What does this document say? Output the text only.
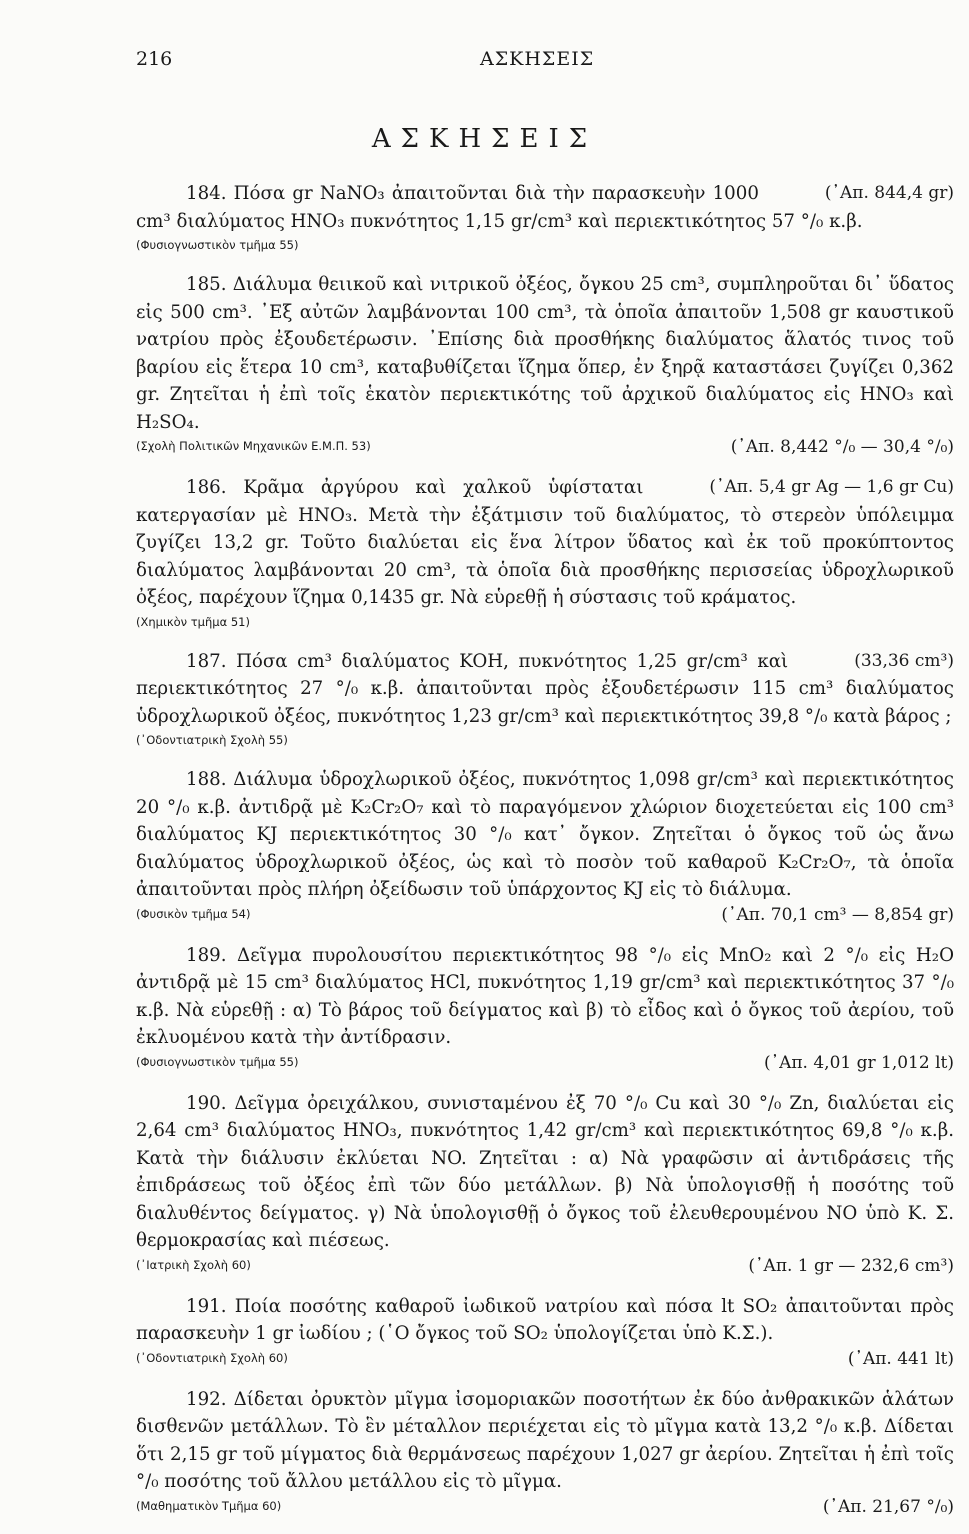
216	ΑΣΚΗΣΕΙΣ
ΑΣΚΗΣΕΙΣ

(᾿Απ. 844,4 gr)
184. Πόσα gr NaNO₃ ἀπαιτοῦνται διὰ τὴν παρασκευὴν 1000 cm³ διαλύματος HNO₃ πυκνότητος 1,15 gr/cm³ καὶ περιεκτικότητος 57 °/₀ κ.β.

(Φυσιογνωστικὸν τμῆμα 55)

185. Διάλυμα θειικοῦ καὶ νιτρικοῦ ὀξέος, ὄγκου 25 cm³, συμπληροῦται δι᾽ ὕδατος εἰς 500 cm³. ᾿Εξ αὐτῶν λαμβάνονται 100 cm³, τὰ ὁποῖα ἀπαιτοῦν 1,508 gr καυστικοῦ νατρίου πρὸς ἐξουδετέρωσιν. ᾿Επίσης διὰ προσθήκης διαλύματος ἅλατός τινος τοῦ βαρίου εἰς ἕτερα 10 cm³, καταβυθίζεται ἵζημα ὅπερ, ἐν ξηρᾷ καταστάσει ζυγίζει 0,362 gr. Ζητεῖται ἡ ἐπὶ τοῖς ἑκατὸν περιεκτικότης τοῦ ἀρχικοῦ διαλύματος εἰς HNO₃ καὶ H₂SO₄.

(Σχολὴ Πολιτικῶν Μηχανικῶν Ε.Μ.Π. 53)	(᾿Απ. 8,442 °/₀ — 30,4 °/₀)

(᾿Απ. 5,4 gr Ag — 1,6 gr Cu)
186. Κρᾶμα ἀργύρου καὶ χαλκοῦ ὑφίσταται κατεργασίαν μὲ HNO₃. Μετὰ τὴν ἐξάτμισιν τοῦ διαλύματος, τὸ στερεὸν ὑπόλειμμα ζυγίζει 13,2 gr. Τοῦτο διαλύεται εἰς ἕνα λίτρον ὕδατος καὶ ἐκ τοῦ προκύπτοντος διαλύματος λαμβάνονται 20 cm³, τὰ ὁποῖα διὰ προσθήκης περισσείας ὑδροχλωρικοῦ ὀξέος, παρέχουν ἵζημα 0,1435 gr. Νὰ εὑρεθῇ ἡ σύστασις τοῦ κράματος.

(Χημικὸν τμῆμα 51)

(33,36 cm³)
187. Πόσα cm³ διαλύματος KOH, πυκνότητος 1,25 gr/cm³ καὶ περιεκτικότητος 27 °/₀ κ.β. ἀπαιτοῦνται πρὸς ἐξουδετέρωσιν 115 cm³ διαλύματος ὑδροχλωρικοῦ ὀξέος, πυκνότητος 1,23 gr/cm³ καὶ περιεκτικότητος 39,8 °/₀ κατὰ βάρος ;

(᾿Οδοντιατρικὴ Σχολὴ 55)

188. Διάλυμα ὑδροχλωρικοῦ ὀξέος, πυκνότητος 1,098 gr/cm³ καὶ περιεκτικότητος 20 °/₀ κ.β. ἀντιδρᾷ μὲ K₂Cr₂O₇ καὶ τὸ παραγόμενον χλώριον διοχετεύεται εἰς 100 cm³ διαλύματος KJ περιεκτικότητος 30 °/₀ κατ᾽ ὄγκον. Ζητεῖται ὁ ὄγκος τοῦ ὡς ἄνω διαλύματος ὑδροχλωρικοῦ ὀξέος, ὡς καὶ τὸ ποσὸν τοῦ καθαροῦ K₂Cr₂O₇, τὰ ὁποῖα ἀπαιτοῦνται πρὸς πλήρη ὀξείδωσιν τοῦ ὑπάρχοντος KJ εἰς τὸ διάλυμα.

(Φυσικὸν τμῆμα 54)	(᾿Απ. 70,1 cm³ — 8,854 gr)

189. Δεῖγμα πυρολουσίτου περιεκτικότητος 98 °/₀ εἰς MnO₂ καὶ 2 °/₀ εἰς H₂O ἀντιδρᾷ μὲ 15 cm³ διαλύματος HCl, πυκνότητος 1,19 gr/cm³ καὶ περιεκτικότητος 37 °/₀ κ.β. Νὰ εὑρεθῇ : α) Τὸ βάρος τοῦ δείγματος καὶ β) τὸ εἶδος καὶ ὁ ὄγκος τοῦ ἀερίου, τοῦ ἐκλυομένου κατὰ τὴν ἀντίδρασιν.

(Φυσιογνωστικὸν τμῆμα 55)	(᾿Απ. 4,01 gr 1,012 lt)

190. Δεῖγμα ὀρειχάλκου, συνισταμένου ἐξ 70 °/₀ Cu καὶ 30 °/₀ Zn, διαλύεται εἰς 2,64 cm³ διαλύματος HNO₃, πυκνότητος 1,42 gr/cm³ καὶ περιεκτικότητος 69,8 °/₀ κ.β. Κατὰ τὴν διάλυσιν ἐκλύεται NO. Ζητεῖται : α) Νὰ γραφῶσιν αἱ ἀντιδράσεις τῆς ἐπιδράσεως τοῦ ὀξέος ἐπὶ τῶν δύο μετάλλων. β) Νὰ ὑπολογισθῇ ἡ ποσότης τοῦ διαλυθέντος δείγματος. γ) Νὰ ὑπολογισθῇ ὁ ὄγκος τοῦ ἐλευθερουμένου NO ὑπὸ Κ. Σ. θερμοκρασίας καὶ πιέσεως.

(᾿Ιατρικὴ Σχολὴ 60)	(᾿Απ. 1 gr — 232,6 cm³)

191. Ποία ποσότης καθαροῦ ἰωδικοῦ νατρίου καὶ πόσα lt SO₂ ἀπαιτοῦνται πρὸς παρασκευὴν 1 gr ἰωδίου ; (῾Ο ὄγκος τοῦ SO₂ ὑπολογίζεται ὑπὸ Κ.Σ.).

(᾿Οδοντιατρικὴ Σχολὴ 60)	(᾿Απ. 441 lt)

192. Δίδεται ὀρυκτὸν μῖγμα ἰσομοριακῶν ποσοτήτων ἐκ δύο ἀνθρακικῶν ἁλάτων δισθενῶν μετάλλων. Τὸ ἓν μέταλλον περιέχεται εἰς τὸ μῖγμα κατὰ 13,2 °/₀ κ.β. Δίδεται ὅτι 2,15 gr τοῦ μίγματος διὰ θερμάνσεως παρέχουν 1,027 gr ἀερίου. Ζητεῖται ἡ ἐπὶ τοῖς °/₀ ποσότης τοῦ ἄλλου μετάλλου εἰς τὸ μῖγμα.

(Μαθηματικὸν Τμῆμα 60)	(᾿Απ. 21,67 °/₀)
